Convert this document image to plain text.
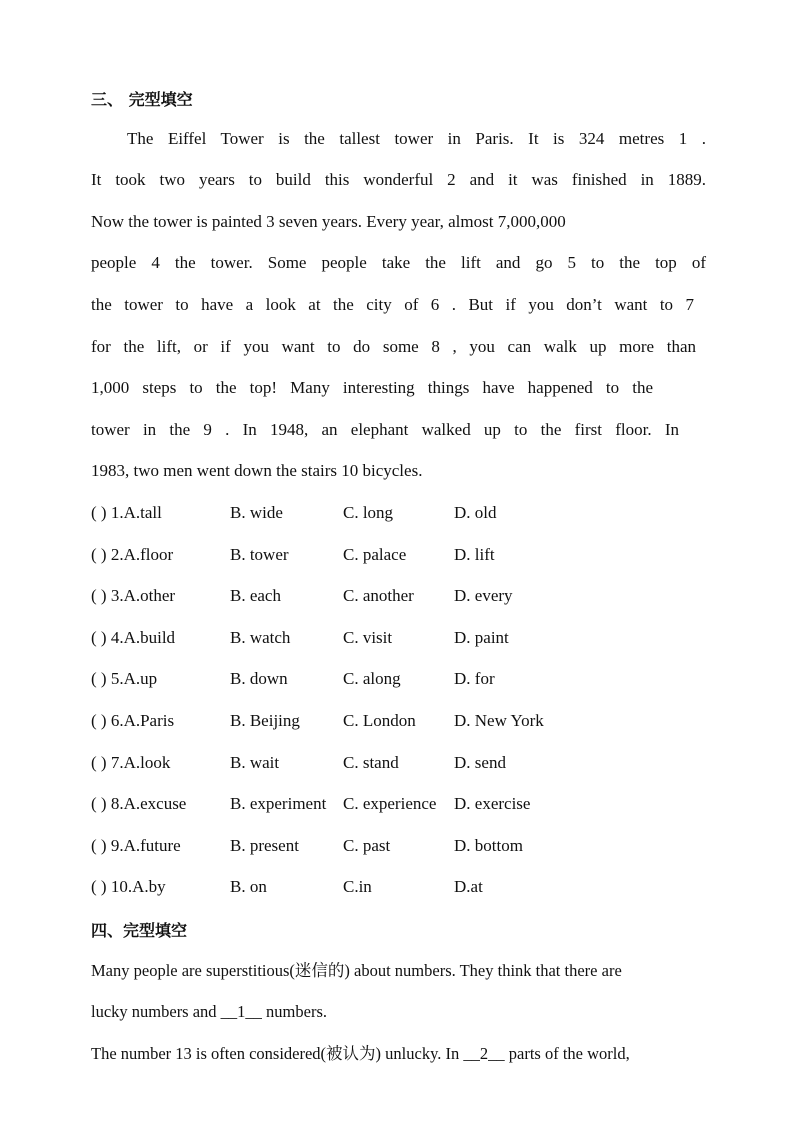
三、 完型填空
The Eiffel Tower is the tallest tower in Paris. It is 324 metres 1 .
It took two years to build this wonderful 2 and it was finished in 1889.
Now the tower is painted 3 seven years. Every year, almost 7,000,000
people 4 the tower. Some people take the lift and go 5 to the top of
the tower to have a look at the city of 6 . But if you don’t want to 7
for the lift, or if you want to do some 8 , you can walk up more than
1,000 steps to the top! Many interesting things have happened to the
tower in the 9 . In 1948, an elephant walked up to the first floor. In
1983, two men went down the stairs 10 bicycles.
( ) 1.A.tall	B. wide	C. long	D. old
( ) 2.A.floor	B. tower	C. palace	D. lift
( ) 3.A.other	B. each	C. another D. every
( ) 4.A.build	B. watch	C. visit	D. paint
( ) 5.A.up	B. down	C. along	D. for
( ) 6.A.Paris	B. Beijing	C. London D. New York
( ) 7.A.look	B. wait	C. stand	D. send
( ) 8.A.excuse	B. experiment C. experience D. exercise
( ) 9.A.future	B. present	C. past	D. bottom
( ) 10.A.by	B. on	C.in	D.at
四、完型填空
Many people are superstitious(迷信的) about numbers. They think that there are
lucky numbers and __1__ numbers.
The number 13 is often considered(被认为) unlucky. In __2__ parts of the world,
